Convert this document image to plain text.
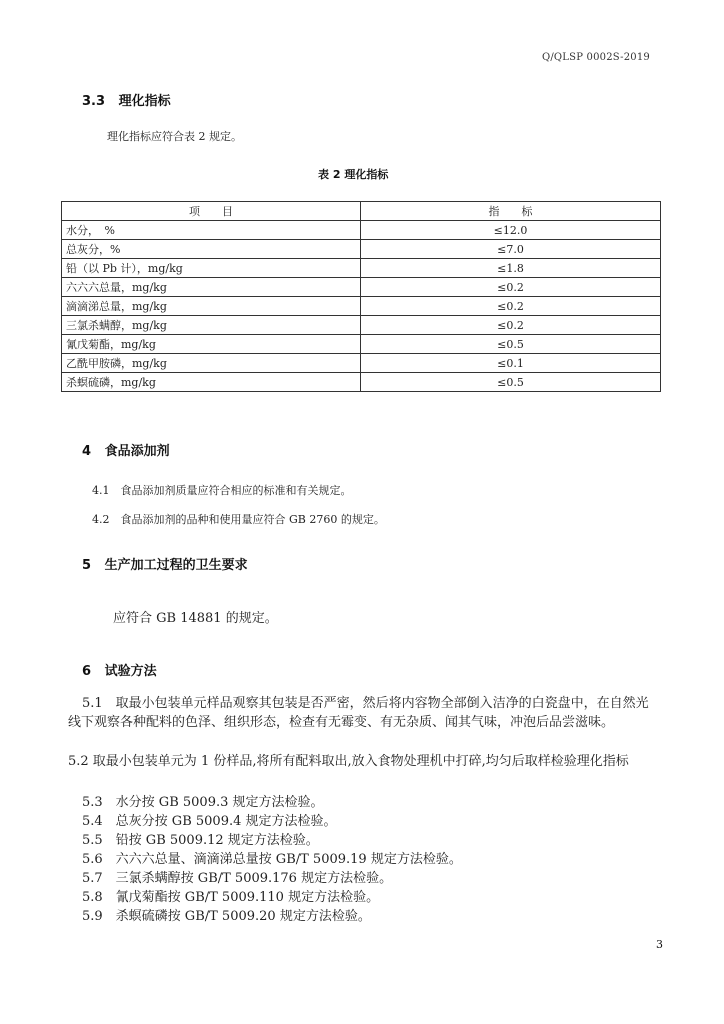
Q/QLSP 0002S-2019
3.3 理化指标
理化指标应符合表 2 规定。
表 2 理化指标
项　　目	指　　标
水分，　%	≤12.0
总灰分，%	≤7.0
铅（以 Pb 计），mg/kg	≤1.8
六六六总量，mg/kg	≤0.2
滴滴涕总量，mg/kg	≤0.2
三氯杀螨醇，mg/kg	≤0.2
氰戊菊酯，mg/kg	≤0.5
乙酰甲胺磷，mg/kg	≤0.1
杀螟硫磷，mg/kg	≤0.5
4 食品添加剂
4.1　食品添加剂质量应符合相应的标准和有关规定。
4.2　食品添加剂的品种和使用量应符合 GB 2760 的规定。
5 生产加工过程的卫生要求
应符合 GB 14881 的规定。
6 试验方法
5.1　取最小包装单元样品观察其包装是否严密，然后将内容物全部倒入洁净的白瓷盘中，在自然光线下观察各种配料的色泽、组织形态，检查有无霉变、有无杂质、闻其气味，冲泡后品尝滋味。
5.2 取最小包装单元为 1 份样品,将所有配料取出,放入食物处理机中打碎,均匀后取样检验理化指标
5.3　水分按 GB 5009.3 规定方法检验。
5.4　总灰分按 GB 5009.4 规定方法检验。
5.5　铅按 GB 5009.12 规定方法检验。
5.6　六六六总量、滴滴涕总量按 GB/T 5009.19 规定方法检验。
5.7　三氯杀螨醇按 GB/T 5009.176 规定方法检验。
5.8　氰戊菊酯按 GB/T 5009.110 规定方法检验。
5.9　杀螟硫磷按 GB/T 5009.20 规定方法检验。
3
